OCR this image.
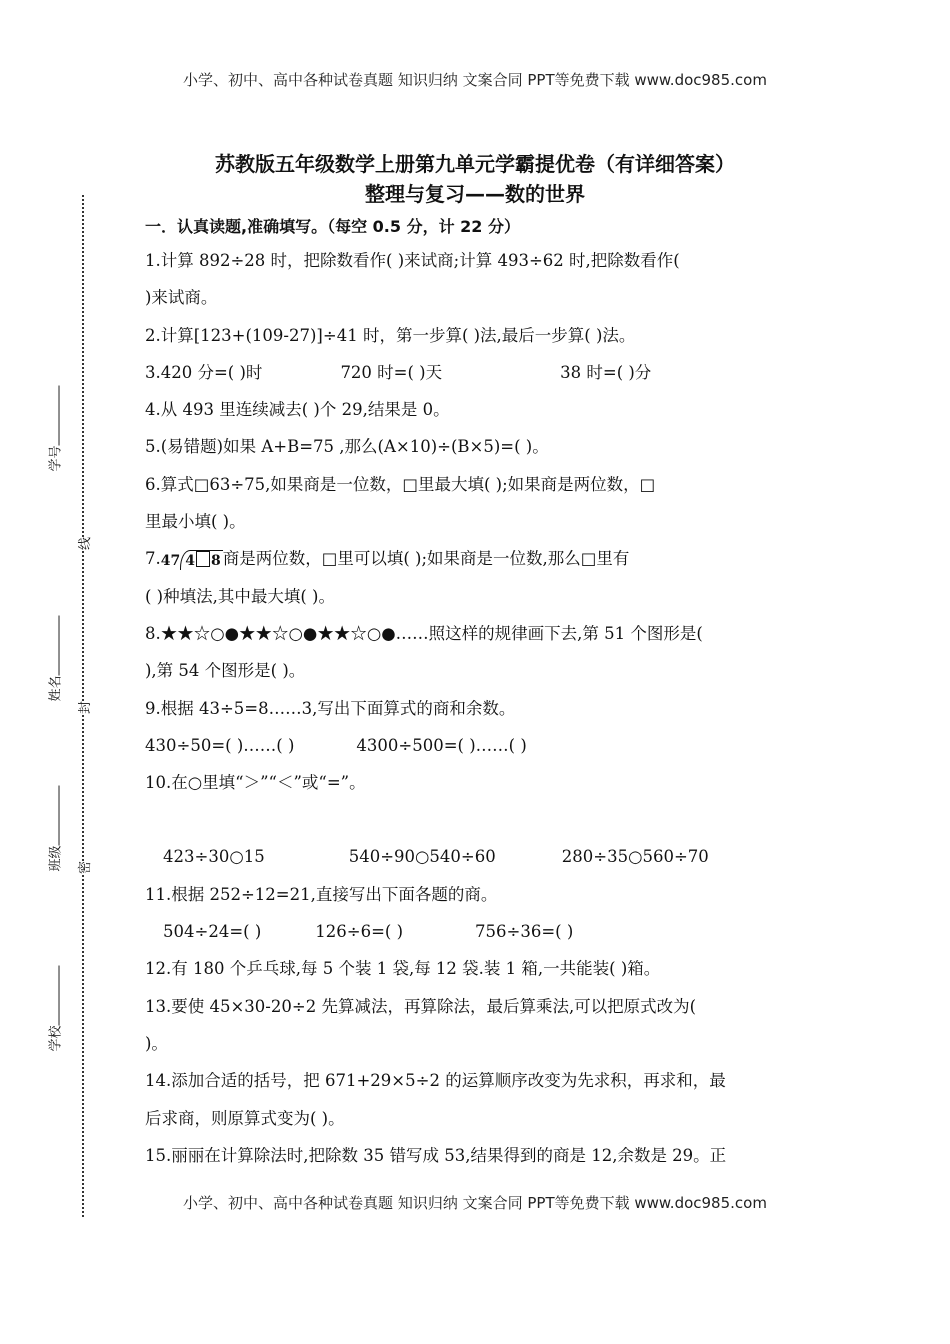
小学、初中、高中各种试卷真题 知识归纳 文案合同 PPT等免费下载 www.doc985.com
学号
姓名
班级
学校
线
封
密
苏教版五年级数学上册第九单元学霸提优卷（有详细答案）
整理与复习——数的世界
一．认真读题,准确填写。（每空 0.5 分，计 22 分）
1.计算 892÷28 时，把除数看作( )来试商;计算 493÷62 时,把除数看作(
)来试商。
2.计算[123+(109-27)]÷41 时，第一步算( )法,最后一步算( )法。
3.420 分=( )时	720 时=( )天	38 时=( )分
4.从 493 里连续减去( )个 29,结果是 0。
5.(易错题)如果 A+B=75 ,那么(A×10)÷(B×5)=( )。
6.算式□63÷75,如果商是一位数，□里最大填( );如果商是两位数，□
里最小填( )。
7.47 4 8 商是两位数，□里可以填( );如果商是一位数,那么□里有
( )种填法,其中最大填( )。
8.★★☆○●★★☆○●★★☆○●……照这样的规律画下去,第 51 个图形是(
),第 54 个图形是( )。
9.根据 43÷5=8……3,写出下面算式的商和余数。
430÷50=( )……( )	4300÷500=( )……( )
10.在○里填“＞”“＜”或“=”。
423÷30○15	540÷90○540÷60	280÷35○560÷70
11.根据 252÷12=21,直接写出下面各题的商。
504÷24=( )	126÷6=( )	756÷36=( )
12.有 180 个乒乓球,每 5 个装 1 袋,每 12 袋.装 1 箱,一共能装( )箱。
13.要使 45×30-20÷2 先算减法，再算除法，最后算乘法,可以把原式改为(
)。
14.添加合适的括号，把 671+29×5÷2 的运算顺序改变为先求积，再求和，最
后求商，则原算式变为( )。
15.丽丽在计算除法时,把除数 35 错写成 53,结果得到的商是 12,余数是 29。正
小学、初中、高中各种试卷真题 知识归纳 文案合同 PPT等免费下载 www.doc985.com
